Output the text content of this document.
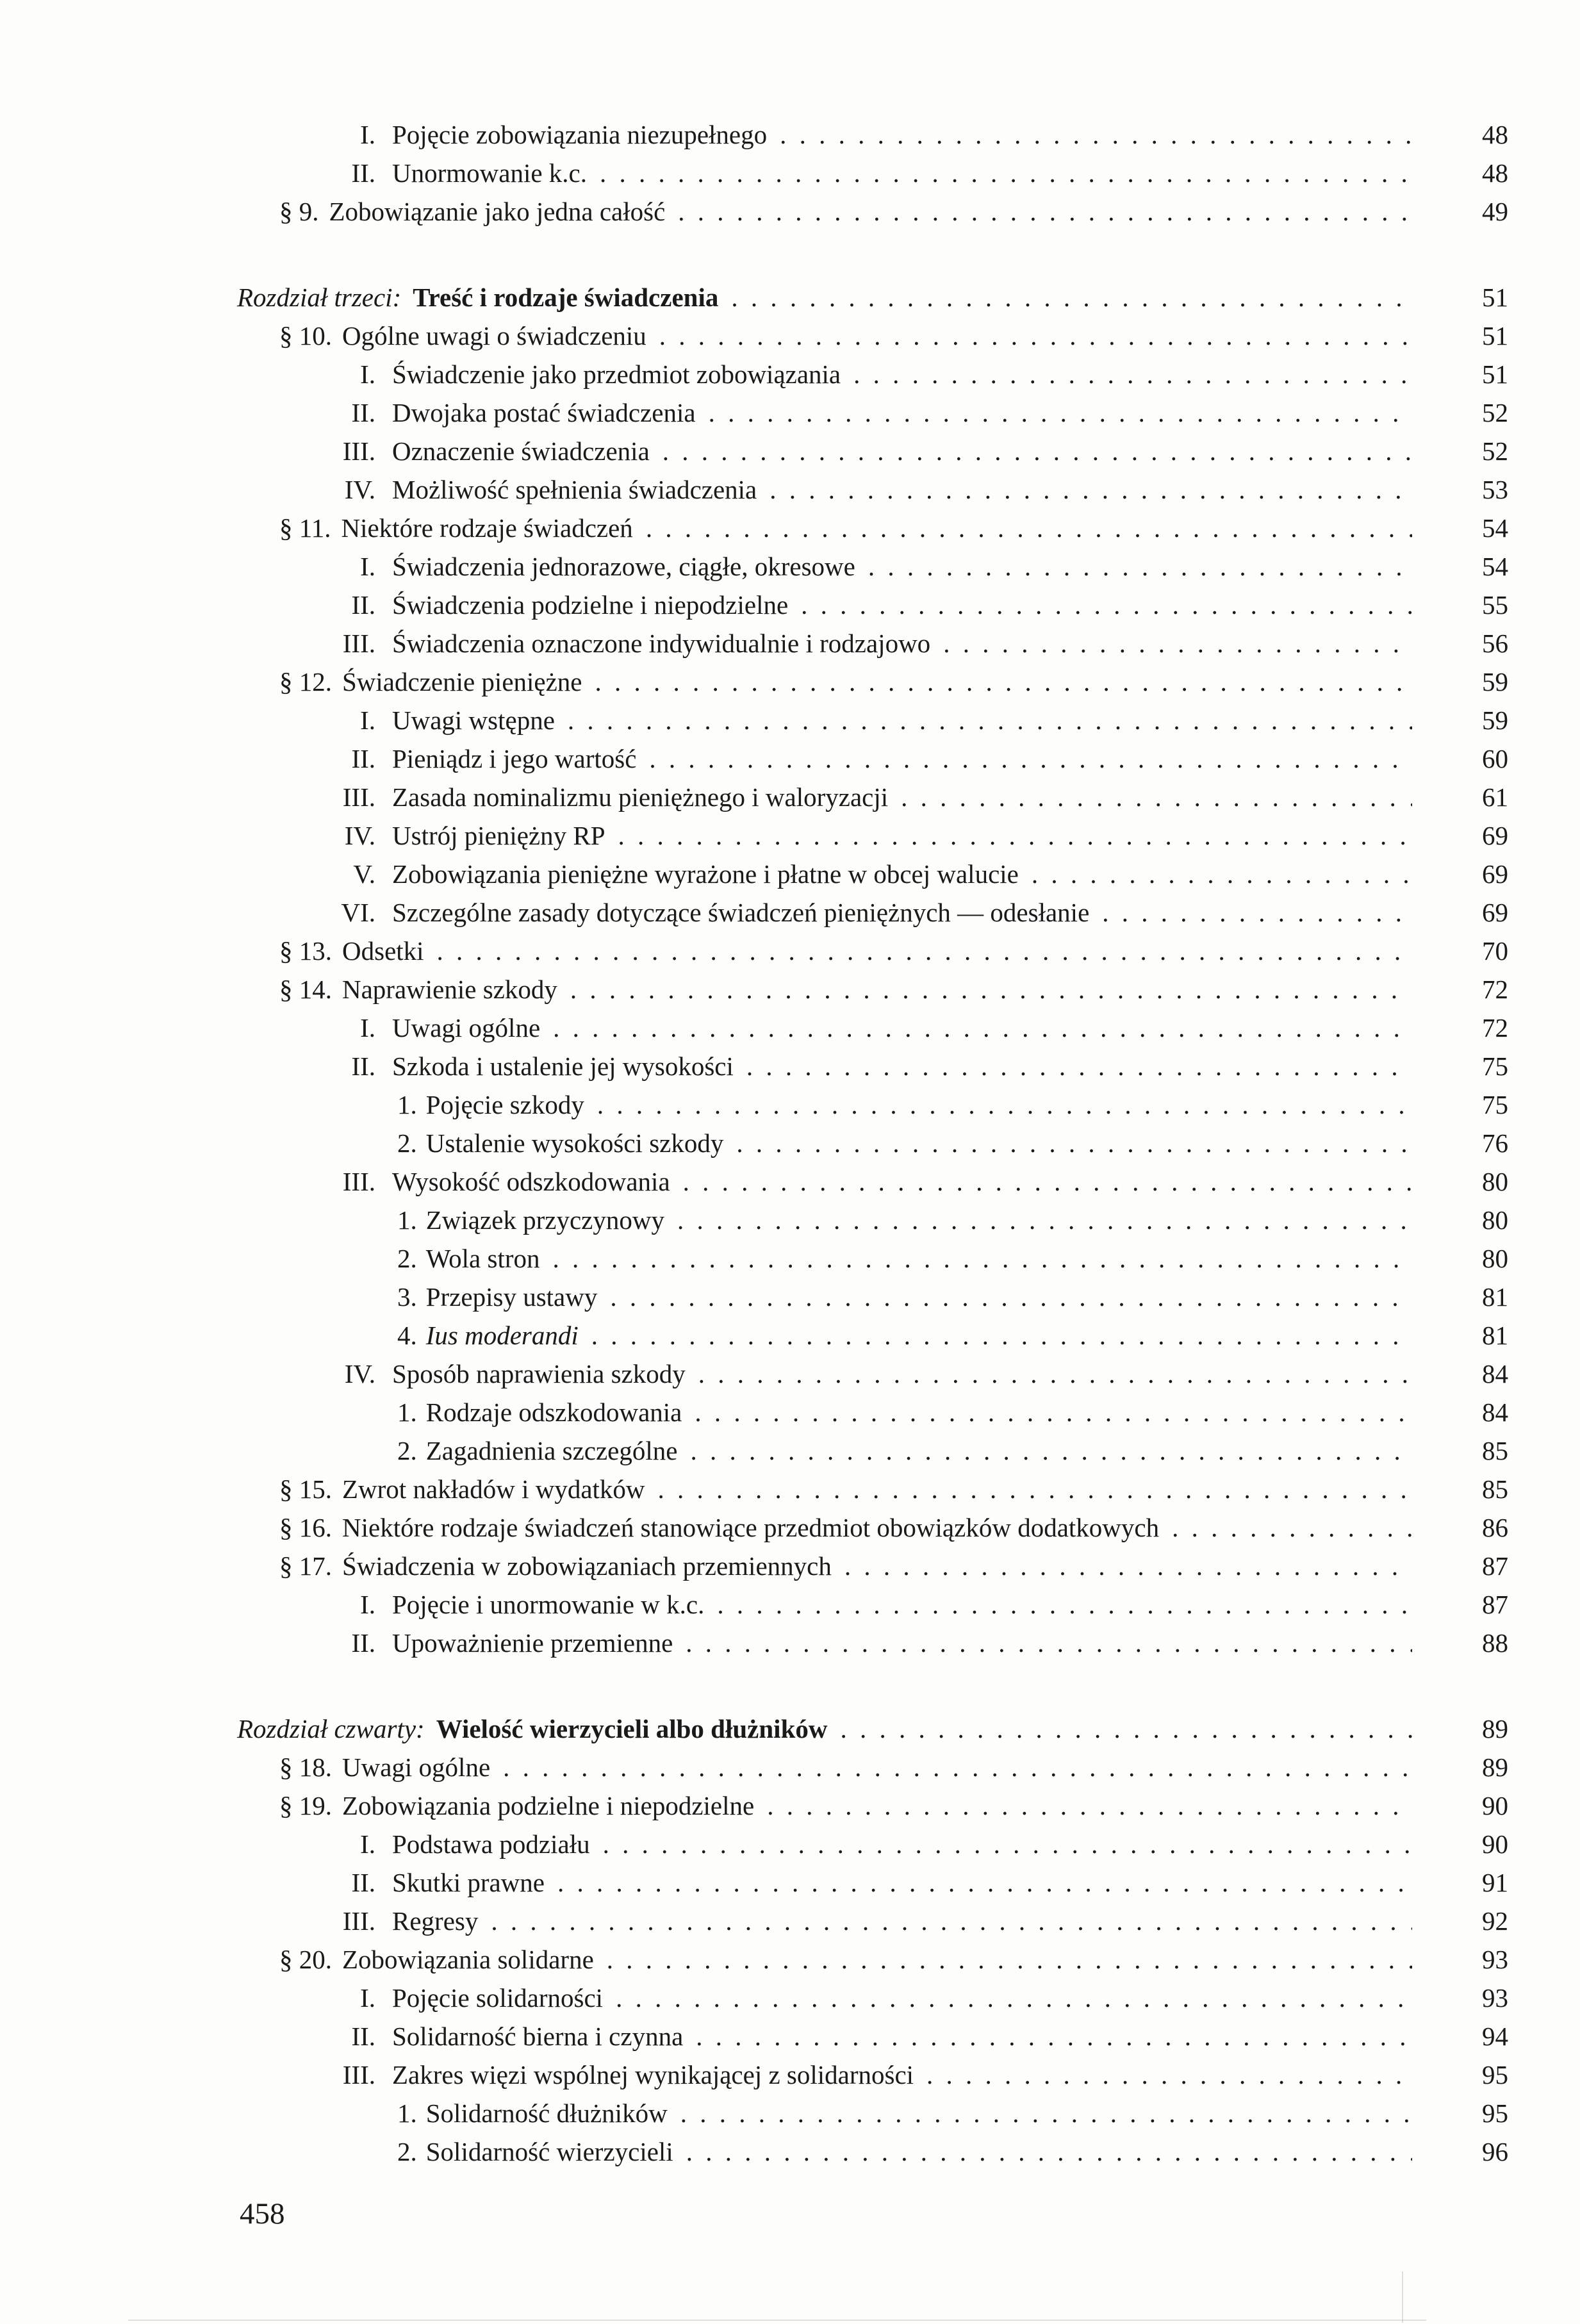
I. Pojęcie zobowiązania niezupełnego . . .	48
II. Unormowanie k.c. . . .	48
§ 9. Zobowiązanie jako jedna całość . . .	49
Rozdział trzeci: Treść i rodzaje świadczenia . . .	51
§ 10. Ogólne uwagi o świadczeniu . . .	51
I. Świadczenie jako przedmiot zobowiązania . . .	51
II. Dwojaka postać świadczenia . . .	52
III. Oznaczenie świadczenia . . .	52
IV. Możliwość spełnienia świadczenia . . .	53
§ 11. Niektóre rodzaje świadczeń . . .	54
I. Świadczenia jednorazowe, ciągłe, okresowe . . .	54
II. Świadczenia podzielne i niepodzielne . . .	55
III. Świadczenia oznaczone indywidualnie i rodzajowo . . .	56
§ 12. Świadczenie pieniężne . . .	59
I. Uwagi wstępne . . .	59
II. Pieniądz i jego wartość . . .	60
III. Zasada nominalizmu pieniężnego i waloryzacji . . .	61
IV. Ustrój pieniężny RP . . .	69
V. Zobowiązania pieniężne wyrażone i płatne w obcej walucie . . .	69
VI. Szczególne zasady dotyczące świadczeń pieniężnych — odesłanie . . .	69
§ 13. Odsetki . . .	70
§ 14. Naprawienie szkody . . .	72
I. Uwagi ogólne . . .	72
II. Szkoda i ustalenie jej wysokości . . .	75
1. Pojęcie szkody . . .	75
2. Ustalenie wysokości szkody . . .	76
III. Wysokość odszkodowania . . .	80
1. Związek przyczynowy . . .	80
2. Wola stron . . .	80
3. Przepisy ustawy . . .	81
4. Ius moderandi . . .	81
IV. Sposób naprawienia szkody . . .	84
1. Rodzaje odszkodowania . . .	84
2. Zagadnienia szczególne . . .	85
§ 15. Zwrot nakładów i wydatków . . .	85
§ 16. Niektóre rodzaje świadczeń stanowiące przedmiot obowiązków dodatkowych . . .	86
§ 17. Świadczenia w zobowiązaniach przemiennych . . .	87
I. Pojęcie i unormowanie w k.c. . . .	87
II. Upoważnienie przemienne . . .	88
Rozdział czwarty: Wielość wierzycieli albo dłużników . . .	89
§ 18. Uwagi ogólne . . .	89
§ 19. Zobowiązania podzielne i niepodzielne . . .	90
I. Podstawa podziału . . .	90
II. Skutki prawne . . .	91
III. Regresy . . .	92
§ 20. Zobowiązania solidarne . . .	93
I. Pojęcie solidarności . . .	93
II. Solidarność bierna i czynna . . .	94
III. Zakres więzi wspólnej wynikającej z solidarności . . .	95
1. Solidarność dłużników . . .	95
2. Solidarność wierzycieli . . .	96
458
